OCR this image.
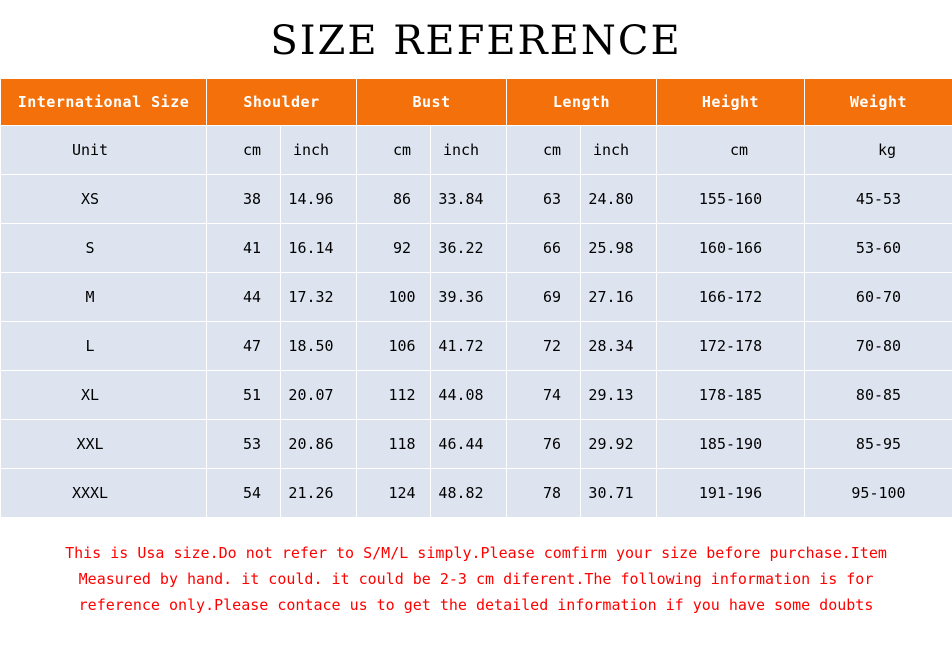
SIZE REFERENCE
International Size	Shoulder		Bust		Length		Height	Weight
Unit	cm	inch	cm	inch	cm	inch	cm	kg
XS	38	14.96	86	33.84	63	24.80	155-160	45-53
S	41	16.14	92	36.22	66	25.98	160-166	53-60
M	44	17.32	100	39.36	69	27.16	166-172	60-70
L	47	18.50	106	41.72	72	28.34	172-178	70-80
XL	51	20.07	112	44.08	74	29.13	178-185	80-85
XXL	53	20.86	118	46.44	76	29.92	185-190	85-95
XXXL	54	21.26	124	48.82	78	30.71	191-196	95-100
This is Usa size.Do not refer to S/M/L simply.Please comfirm your size before purchase.Item
Measured by hand. it could. it could be 2-3 cm diferent.The following information is for
reference only.Please contace us to get the detailed information if you have some doubts
